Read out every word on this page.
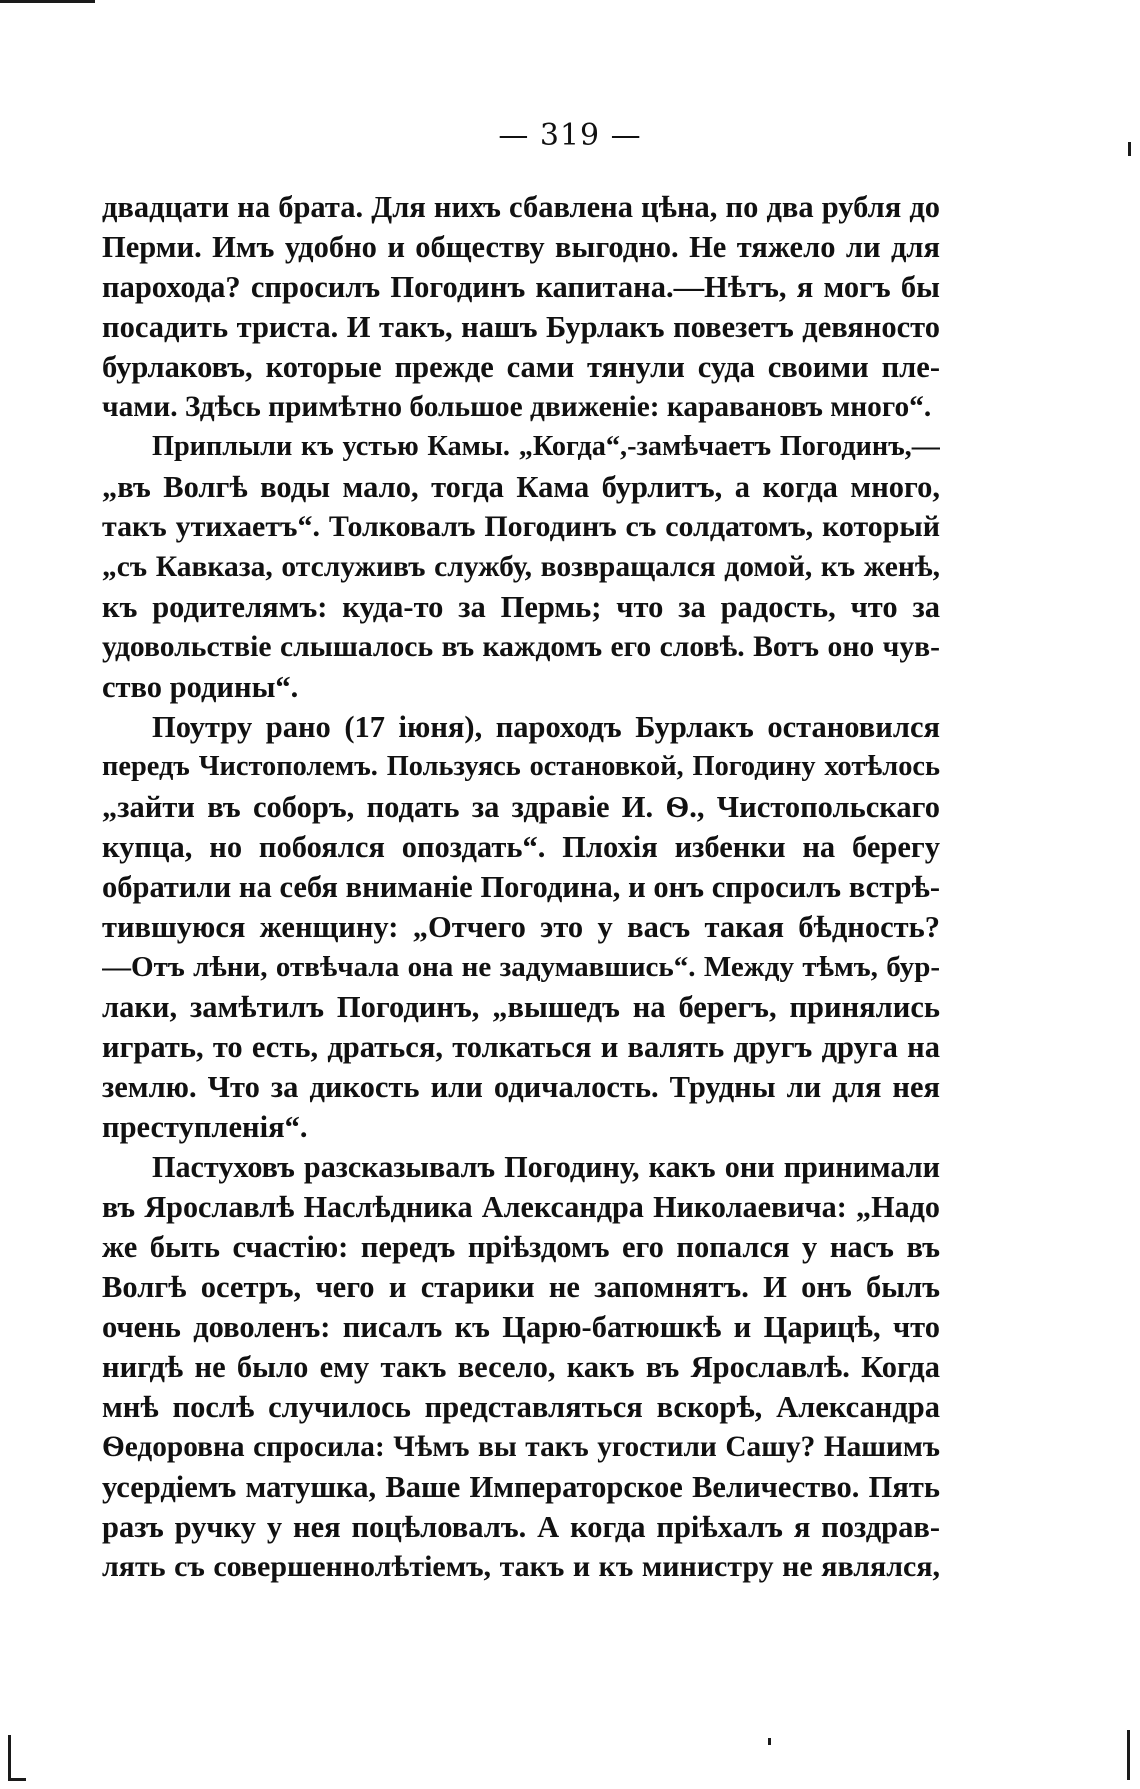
— 319 —
двадцати на брата. Для нихъ сбавлена цѣна, по два рубля до
Перми. Имъ удобно и обществу выгодно. Не тяжело ли для
парохода? спросилъ Погодинъ капитана.—Нѣтъ, я могъ бы
посадить триста. И такъ, нашъ Бурлакъ повезетъ девяносто
бурлаковъ, которые прежде сами тянули суда своими пле-
чами. Здѣсь примѣтно большое движеніе: каравановъ много“.
Приплыли къ устью Камы. „Когда“,-замѣчаетъ Погодинъ,—
„въ Волгѣ воды мало, тогда Кама бурлитъ, а когда много,
такъ утихаетъ“. Толковалъ Погодинъ съ солдатомъ, который
„съ Кавказа, отслуживъ службу, возвращался домой, къ женѣ,
къ родителямъ: куда-то за Пермь; что за радость, что за
удовольствіе слышалось въ каждомъ его словѣ. Вотъ оно чув-
ство родины“.
Поутру рано (17 іюня), пароходъ Бурлакъ остановился
передъ Чистополемъ. Пользуясь остановкой, Погодину хотѣлось
„зайти въ соборъ, подать за здравіе И. Ѳ., Чистопольскаго
купца, но побоялся опоздать“. Плохія избенки на берегу
обратили на себя вниманіе Погодина, и онъ спросилъ встрѣ-
тившуюся женщину: „Отчего это у васъ такая бѣдность?
—Отъ лѣни, отвѣчала она не задумавшись“. Между тѣмъ, бур-
лаки, замѣтилъ Погодинъ, „вышедъ на берегъ, принялись
играть, то есть, драться, толкаться и валять другъ друга на
землю. Что за дикость или одичалость. Трудны ли для нея
преступленія“.
Пастуховъ разсказывалъ Погодину, какъ они принимали
въ Ярославлѣ Наслѣдника Александра Николаевича: „Надо
же быть счастію: передъ пріѣздомъ его попался у насъ въ
Волгѣ осетръ, чего и старики не запомнятъ. И онъ былъ
очень доволенъ: писалъ къ Царю-батюшкѣ и Царицѣ, что
нигдѣ не было ему такъ весело, какъ въ Ярославлѣ. Когда
мнѣ послѣ случилось представляться вскорѣ, Александра
Ѳедоровна спросила: Чѣмъ вы такъ угостили Сашу? Нашимъ
усердіемъ матушка, Ваше Императорское Величество. Пять
разъ ручку у нея поцѣловалъ. А когда пріѣхалъ я поздрав-
лять съ совершеннолѣтіемъ, такъ и къ министру не являлся,
